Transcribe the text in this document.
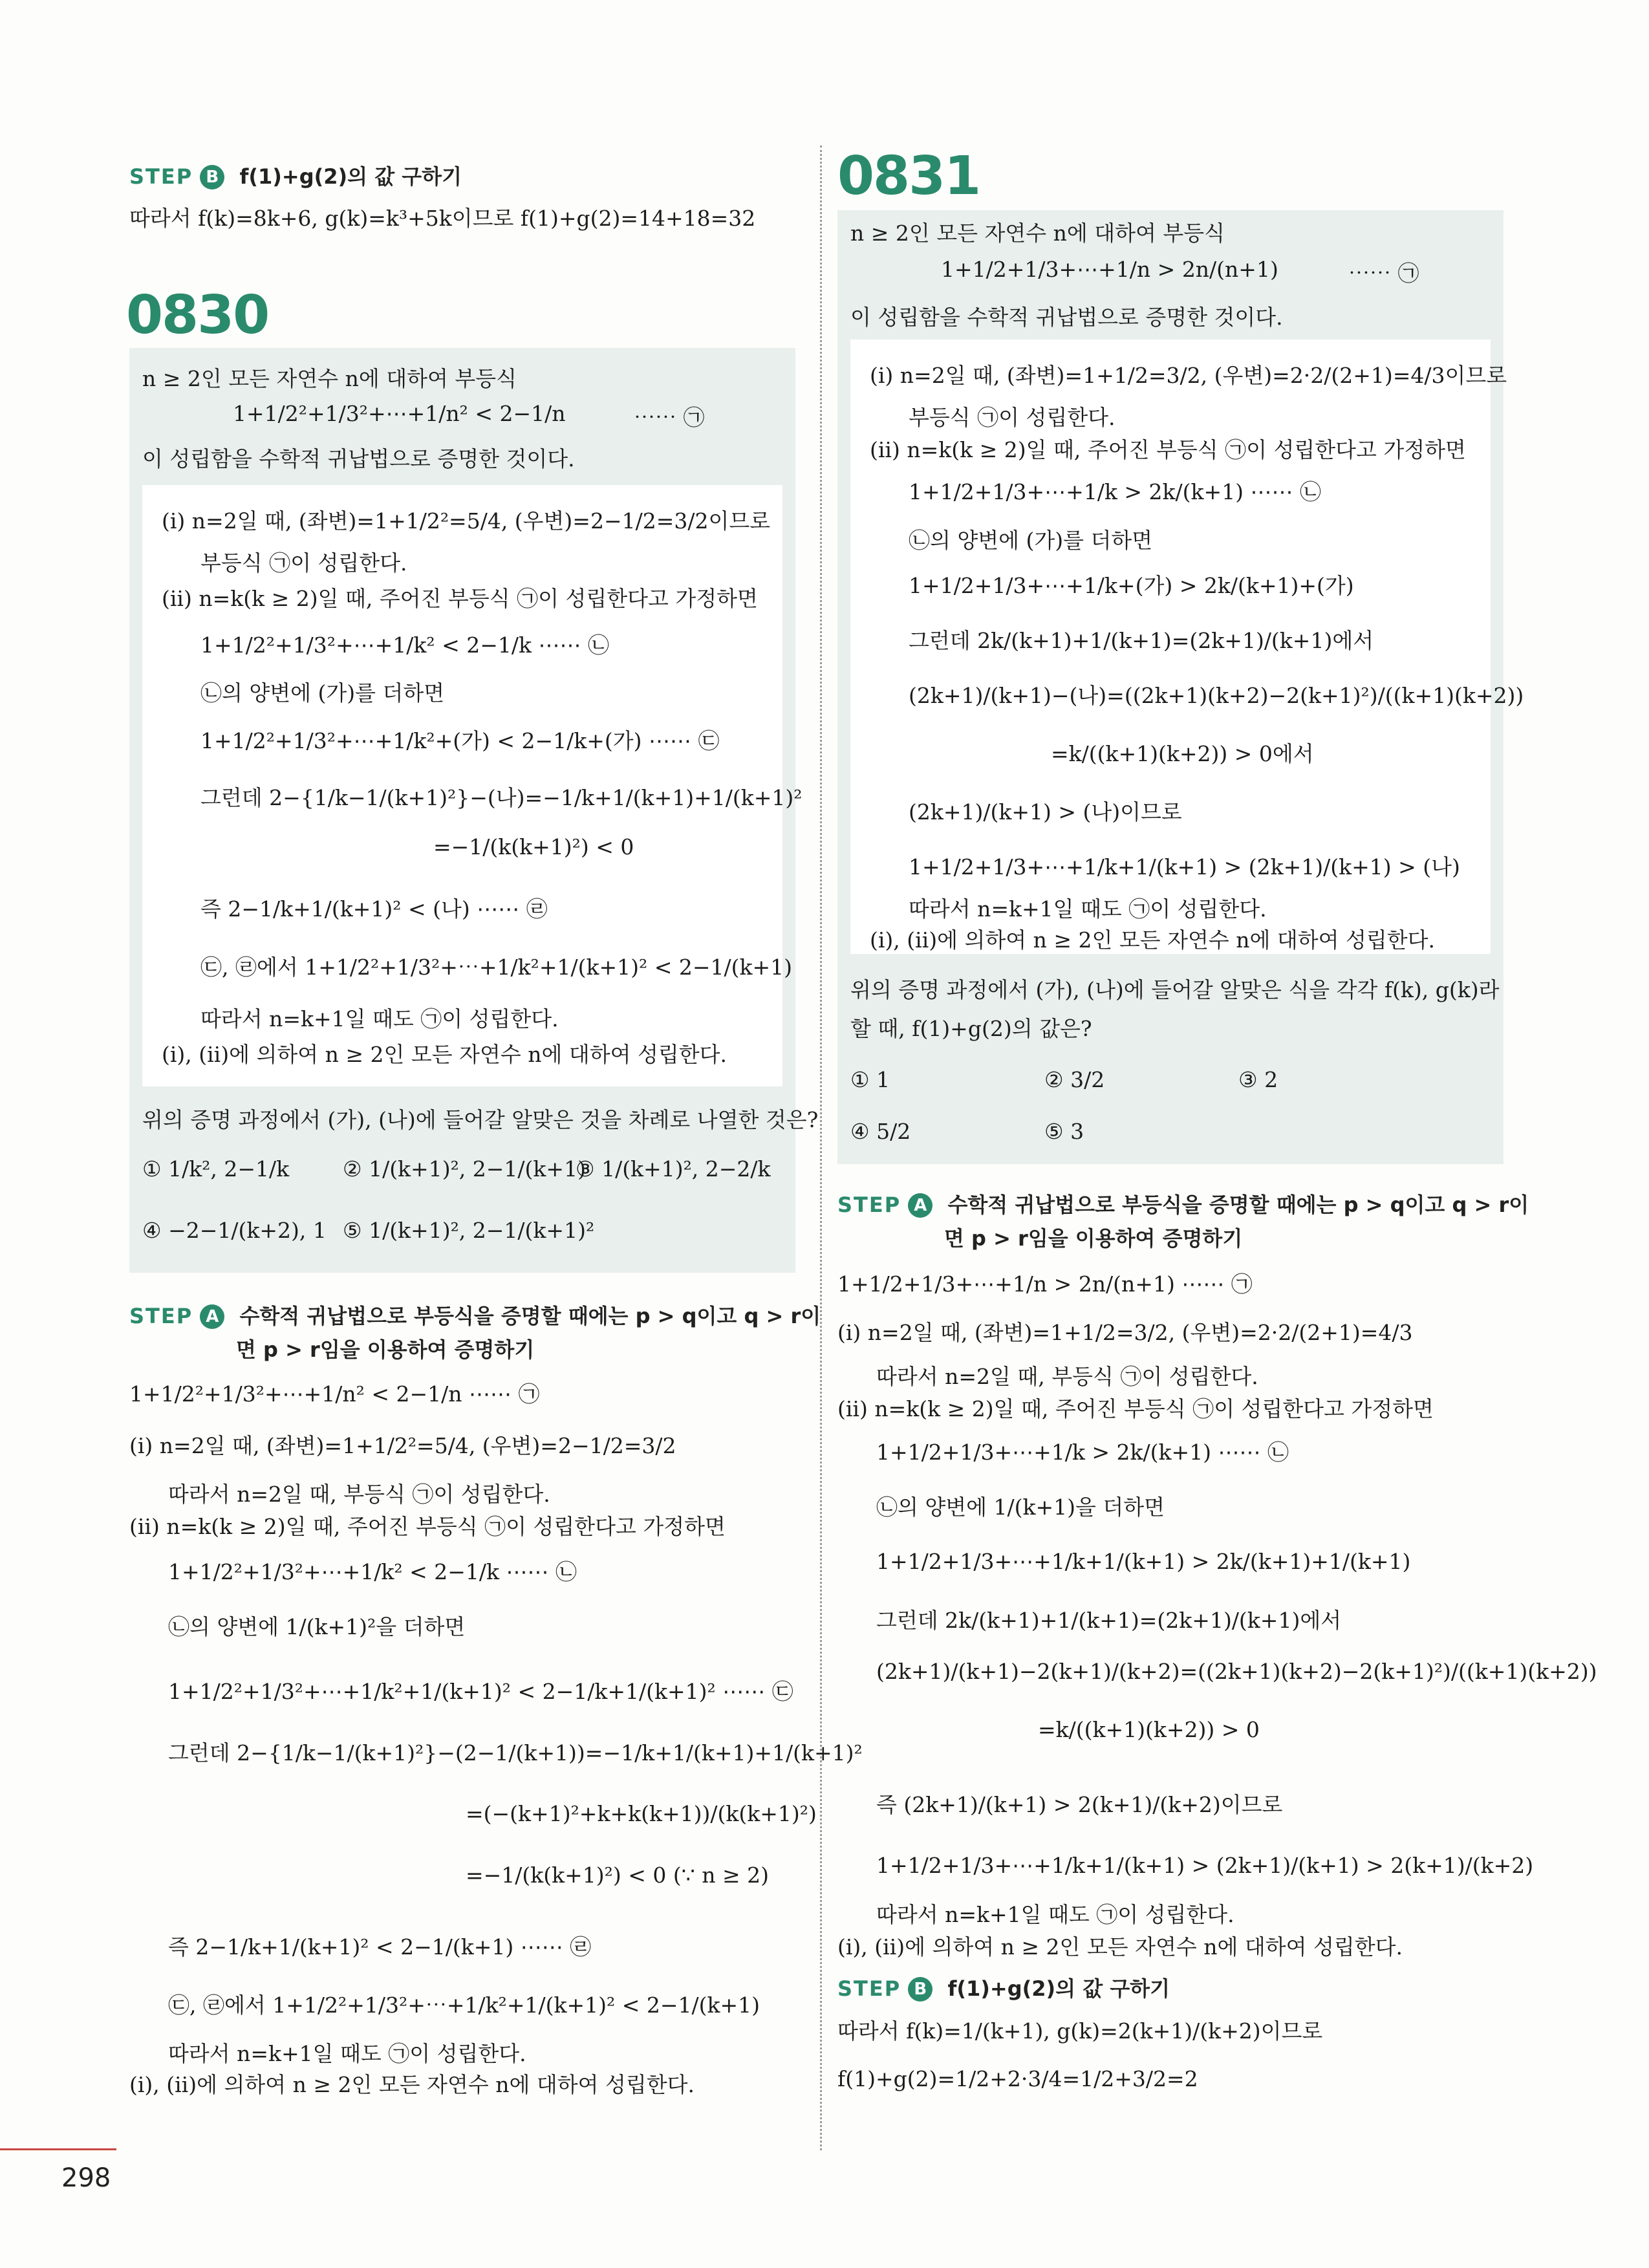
STEP B f(1)+g(2)의 값 구하기
따라서 f(k)=8k+6, g(k)=k³+5k이므로 f(1)+g(2)=14+18=32
0830
n ≥ 2인 모든 자연수 n에 대하여 부등식
1+1/2²+1/3²+⋯+1/n² < 2−1/n	⋯⋯ ㉠
이 성립함을 수학적 귀납법으로 증명한 것이다.
(ⅰ) n=2일 때, (좌변)=1+1/2²=5/4, (우변)=2−1/2=3/2이므로
부등식 ㉠이 성립한다.
(ⅱ) n=k(k ≥ 2)일 때, 주어진 부등식 ㉠이 성립한다고 가정하면
1+1/2²+1/3²+⋯+1/k² < 2−1/k ⋯⋯ ㉡
㉡의 양변에 (가)를 더하면
1+1/2²+1/3²+⋯+1/k²+(가) < 2−1/k+(가) ⋯⋯ ㉢
그런데 2−{1/k−1/(k+1)²}−(나)=−1/k+1/(k+1)+1/(k+1)²
=−1/(k(k+1)²) < 0
즉 2−1/k+1/(k+1)² < (나) ⋯⋯ ㉣
㉢, ㉣에서 1+1/2²+1/3²+⋯+1/k²+1/(k+1)² < 2−1/(k+1)
따라서 n=k+1일 때도 ㉠이 성립한다.
(ⅰ), (ⅱ)에 의하여 n ≥ 2인 모든 자연수 n에 대하여 성립한다.
위의 증명 과정에서 (가), (나)에 들어갈 알맞은 것을 차례로 나열한 것은?
① 1/k², 2−1/k	② 1/(k+1)², 2−1/(k+1)
③ 1/(k+1)², 2−2/k
④ −2−1/(k+2), 1 ⑤ 1/(k+1)², 2−1/(k+1)²
STEP A 수학적 귀납법으로 부등식을 증명할 때에는 p > q이고 q > r이
면 p > r임을 이용하여 증명하기
1+1/2²+1/3²+⋯+1/n² < 2−1/n ⋯⋯ ㉠
(ⅰ) n=2일 때, (좌변)=1+1/2²=5/4, (우변)=2−1/2=3/2
따라서 n=2일 때, 부등식 ㉠이 성립한다.
(ⅱ) n=k(k ≥ 2)일 때, 주어진 부등식 ㉠이 성립한다고 가정하면
1+1/2²+1/3²+⋯+1/k² < 2−1/k ⋯⋯ ㉡
㉡의 양변에 1/(k+1)²을 더하면
1+1/2²+1/3²+⋯+1/k²+1/(k+1)² < 2−1/k+1/(k+1)² ⋯⋯ ㉢
그런데 2−{1/k−1/(k+1)²}−(2−1/(k+1))=−1/k+1/(k+1)+1/(k+1)²
=(−(k+1)²+k+k(k+1))/(k(k+1)²)
=−1/(k(k+1)²) < 0 (∵ n ≥ 2)
즉 2−1/k+1/(k+1)² < 2−1/(k+1) ⋯⋯ ㉣
㉢, ㉣에서 1+1/2²+1/3²+⋯+1/k²+1/(k+1)² < 2−1/(k+1)
따라서 n=k+1일 때도 ㉠이 성립한다.
(ⅰ), (ⅱ)에 의하여 n ≥ 2인 모든 자연수 n에 대하여 성립한다.
0831
n ≥ 2인 모든 자연수 n에 대하여 부등식
1+1/2+1/3+⋯+1/n > 2n/(n+1)	⋯⋯ ㉠
이 성립함을 수학적 귀납법으로 증명한 것이다.
(ⅰ) n=2일 때, (좌변)=1+1/2=3/2, (우변)=2·2/(2+1)=4/3이므로
부등식 ㉠이 성립한다.
(ⅱ) n=k(k ≥ 2)일 때, 주어진 부등식 ㉠이 성립한다고 가정하면
1+1/2+1/3+⋯+1/k > 2k/(k+1) ⋯⋯ ㉡
㉡의 양변에 (가)를 더하면
1+1/2+1/3+⋯+1/k+(가) > 2k/(k+1)+(가)
그런데 2k/(k+1)+1/(k+1)=(2k+1)/(k+1)에서
(2k+1)/(k+1)−(나)=((2k+1)(k+2)−2(k+1)²)/((k+1)(k+2))
=k/((k+1)(k+2)) > 0에서
(2k+1)/(k+1) > (나)이므로
1+1/2+1/3+⋯+1/k+1/(k+1) > (2k+1)/(k+1) > (나)
따라서 n=k+1일 때도 ㉠이 성립한다.
(ⅰ), (ⅱ)에 의하여 n ≥ 2인 모든 자연수 n에 대하여 성립한다.
위의 증명 과정에서 (가), (나)에 들어갈 알맞은 식을 각각 f(k), g(k)라
할 때, f(1)+g(2)의 값은?
① 1	② 3/2	③ 2
④ 5/2	⑤ 3
STEP A 수학적 귀납법으로 부등식을 증명할 때에는 p > q이고 q > r이
면 p > r임을 이용하여 증명하기
1+1/2+1/3+⋯+1/n > 2n/(n+1) ⋯⋯ ㉠
(ⅰ) n=2일 때, (좌변)=1+1/2=3/2, (우변)=2·2/(2+1)=4/3
따라서 n=2일 때, 부등식 ㉠이 성립한다.
(ⅱ) n=k(k ≥ 2)일 때, 주어진 부등식 ㉠이 성립한다고 가정하면
1+1/2+1/3+⋯+1/k > 2k/(k+1) ⋯⋯ ㉡
㉡의 양변에 1/(k+1)을 더하면
1+1/2+1/3+⋯+1/k+1/(k+1) > 2k/(k+1)+1/(k+1)
그런데 2k/(k+1)+1/(k+1)=(2k+1)/(k+1)에서
(2k+1)/(k+1)−2(k+1)/(k+2)=((2k+1)(k+2)−2(k+1)²)/((k+1)(k+2))
=k/((k+1)(k+2)) > 0
즉 (2k+1)/(k+1) > 2(k+1)/(k+2)이므로
1+1/2+1/3+⋯+1/k+1/(k+1) > (2k+1)/(k+1) > 2(k+1)/(k+2)
따라서 n=k+1일 때도 ㉠이 성립한다.
(ⅰ), (ⅱ)에 의하여 n ≥ 2인 모든 자연수 n에 대하여 성립한다.
STEP B f(1)+g(2)의 값 구하기
따라서 f(k)=1/(k+1), g(k)=2(k+1)/(k+2)이므로
f(1)+g(2)=1/2+2·3/4=1/2+3/2=2
298
